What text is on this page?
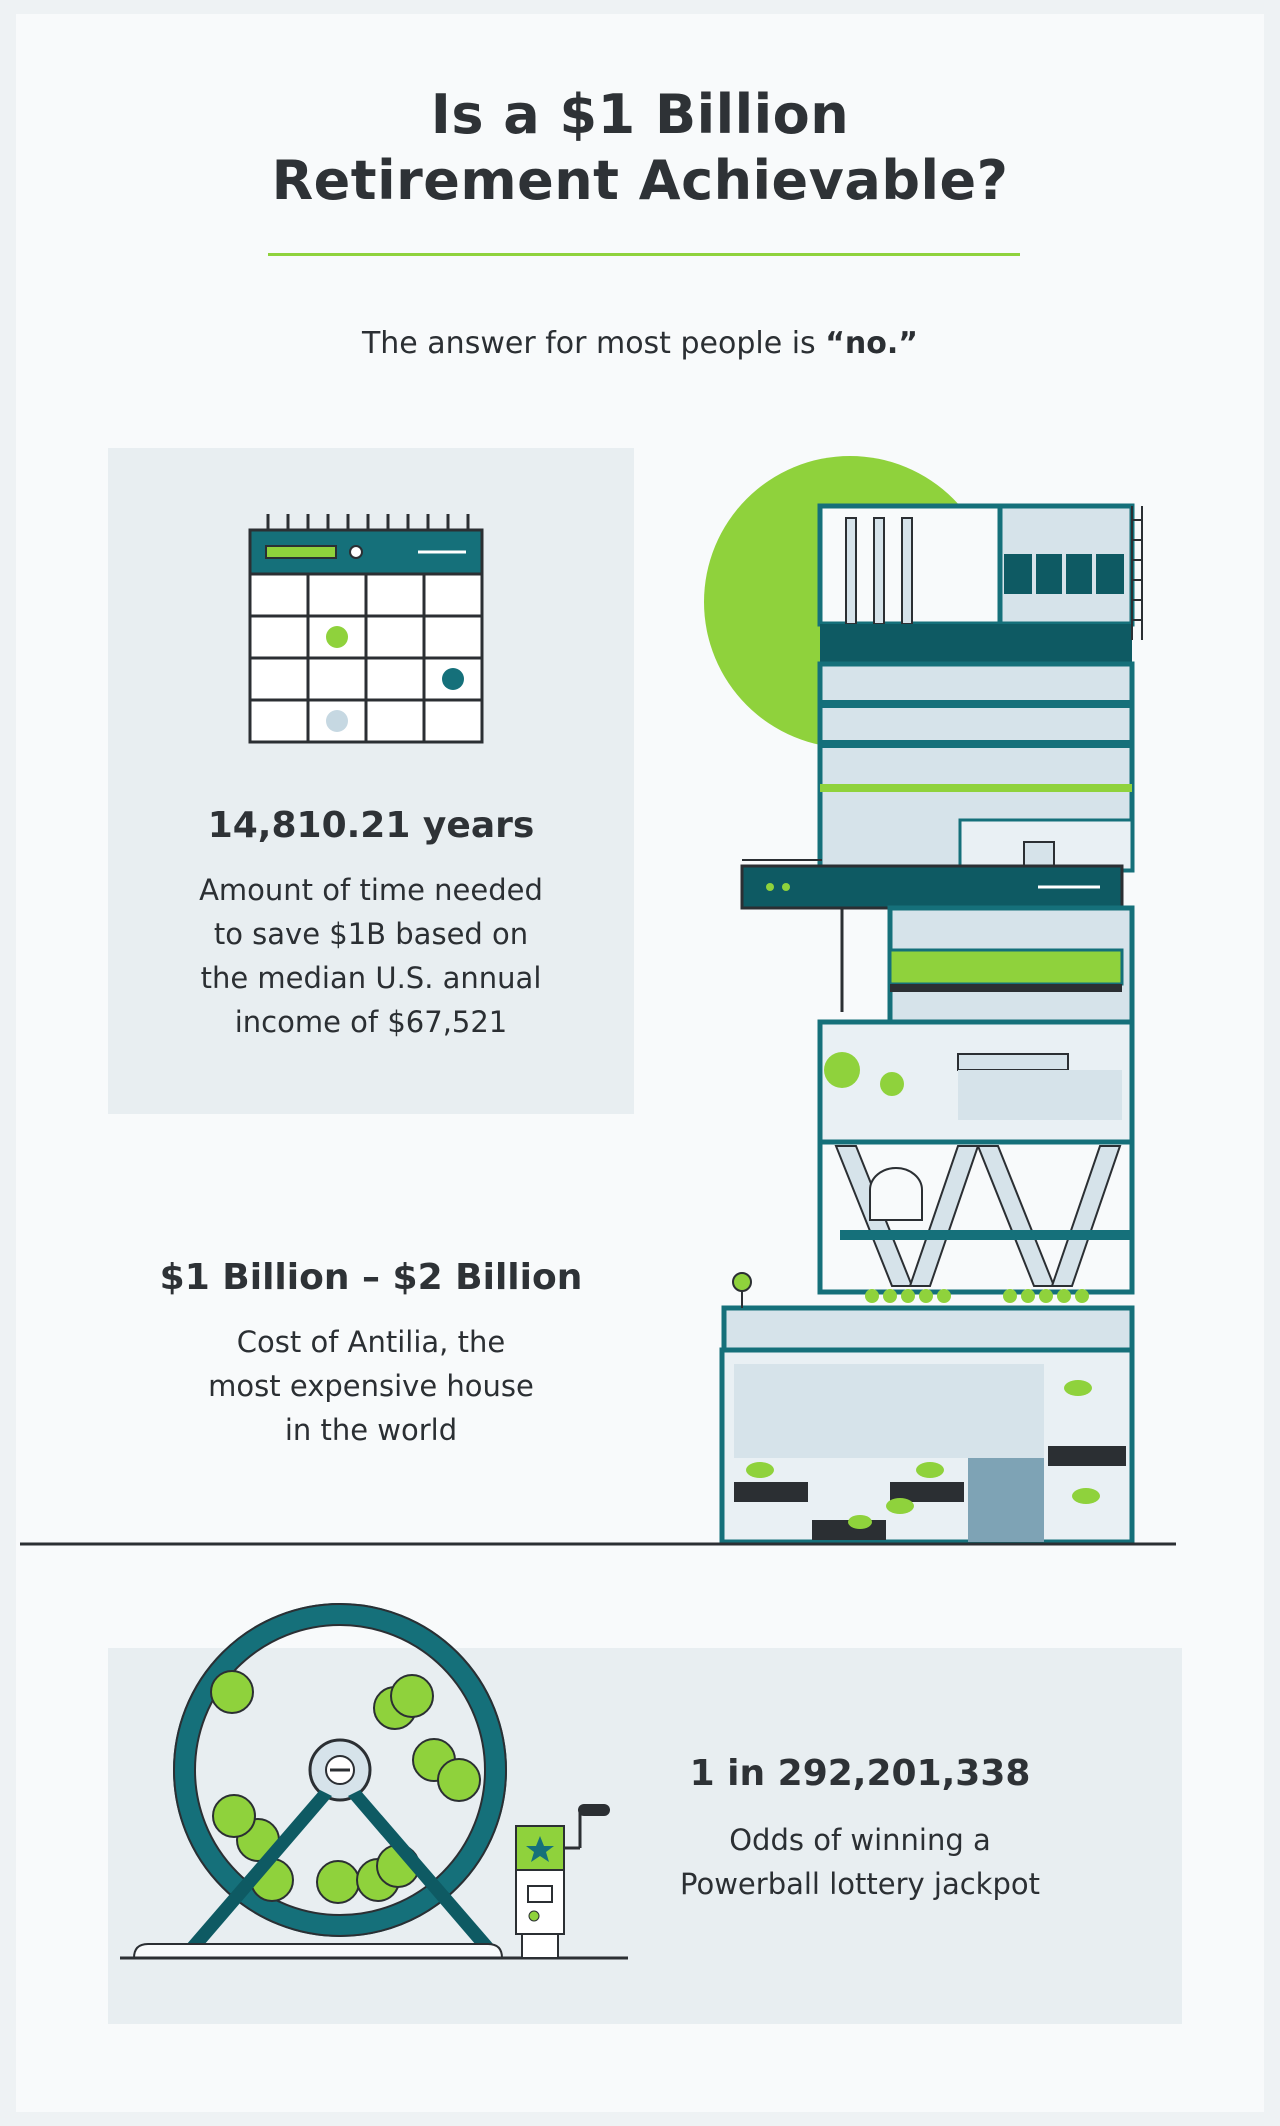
Is a $1 Billion
Retirement Achievable?
The answer for most people is “no.”
14,810.21 years
Amount of time needed
to save $1B based on
the median U.S. annual
income of $67,521
$1 Billion – $2 Billion
Cost of Antilia, the
most expensive house
in the world
1 in 292,201,338
Odds of winning a
Powerball lottery jackpot
